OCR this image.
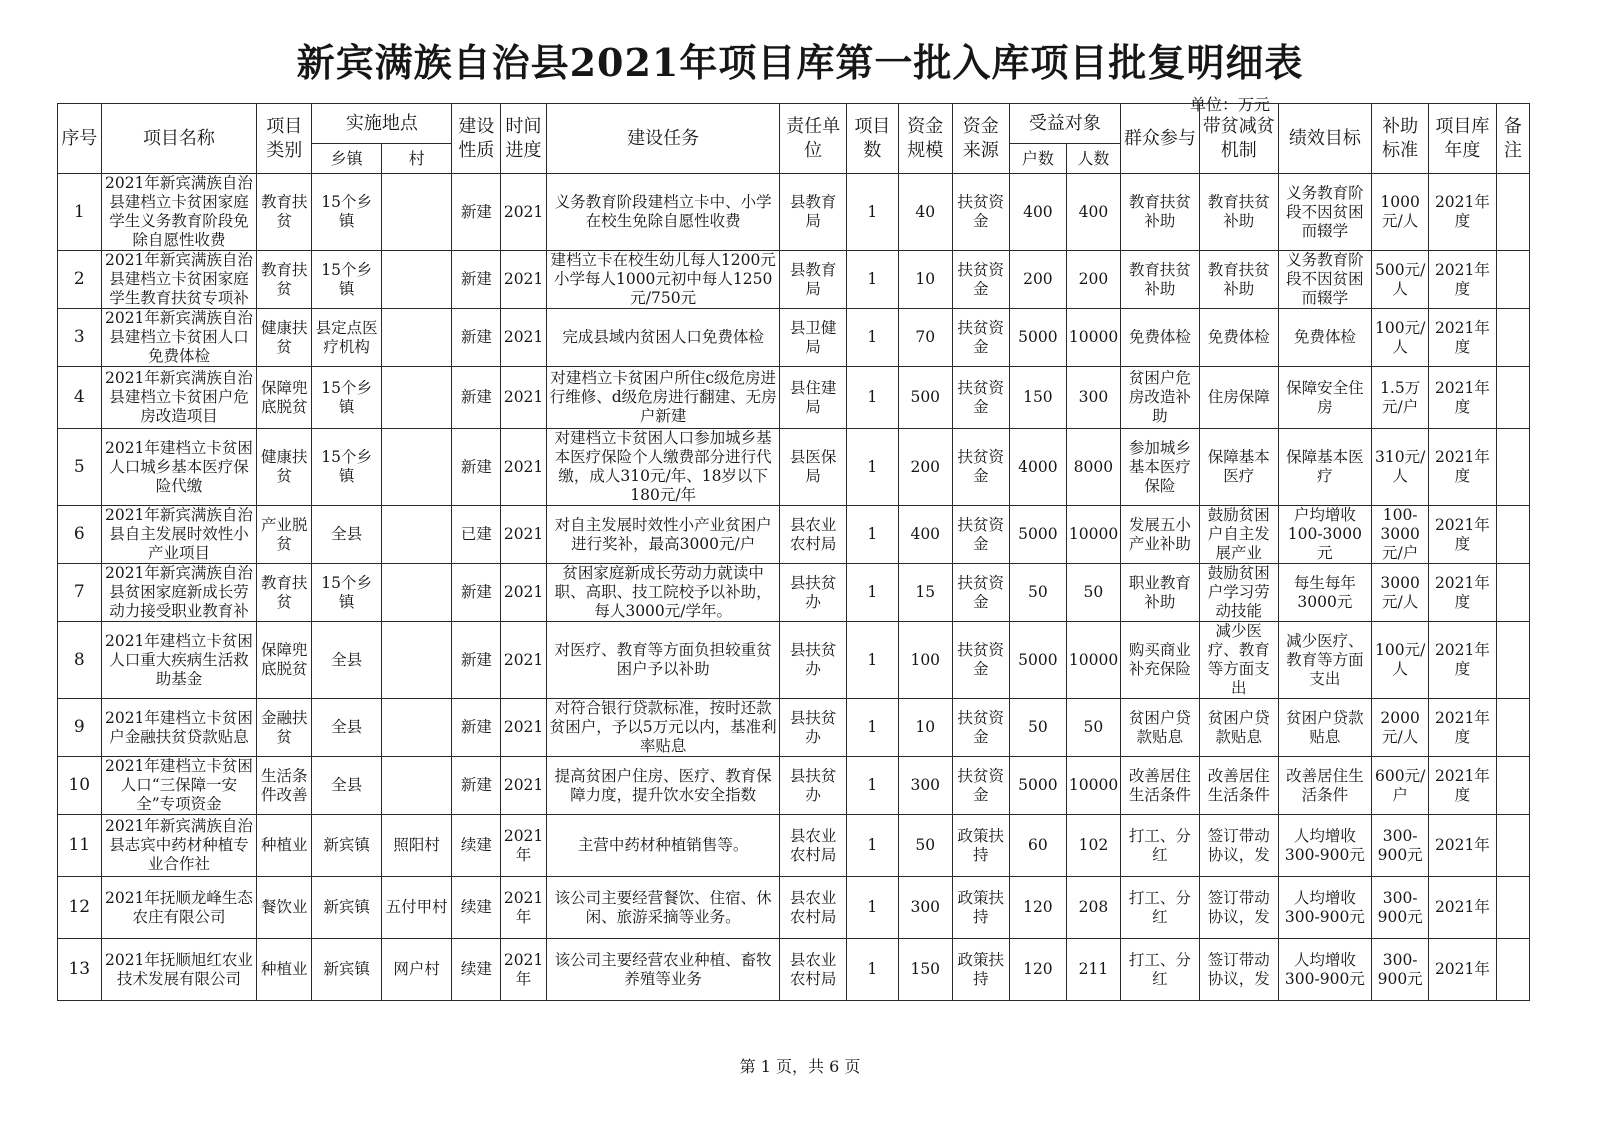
新宾满族自治县2021年项目库第一批入库项目批复明细表
单位：万元
序号	项目名称	项目类别	实施地点		建设性质	时间进度	建设任务	责任单位	项目数	资金规模	资金来源	受益对象		群众参与	带贫减贫机制	绩效目标	补助标准	项目库年度	备注
			乡镇	村								户数	人数						

1	2021年新宾满族自治县建档立卡贫困家庭学生义务教育阶段免除自愿性收费	教育扶贫	15个乡镇		新建	2021	义务教育阶段建档立卡中、小学在校生免除自愿性收费	县教育局	1	40	扶贫资金	400	400	教育扶贫补助	教育扶贫补助	义务教育阶段不因贫困而辍学	1000元/人	2021年度	

2	2021年新宾满族自治县建档立卡贫困家庭学生教育扶贫专项补	教育扶贫	15个乡镇		新建	2021	建档立卡在校生幼儿每人1200元小学每人1000元初中每人1250元/750元	县教育局	1	10	扶贫资金	200	200	教育扶贫补助	教育扶贫补助	义务教育阶段不因贫困而辍学	500元/人	2021年度	

3	2021年新宾满族自治县建档立卡贫困人口免费体检	健康扶贫	县定点医疗机构		新建	2021	完成县域内贫困人口免费体检	县卫健局	1	70	扶贫资金	5000	10000	免费体检	免费体检	免费体检	100元/人	2021年度	

4	2021年新宾满族自治县建档立卡贫困户危房改造项目	保障兜底脱贫	15个乡镇		新建	2021	对建档立卡贫困户所住c级危房进行维修、d级危房进行翻建、无房户新建	县住建局	1	500	扶贫资金	150	300	贫困户危房改造补助	住房保障	保障安全住房	1.5万元/户	2021年度	

5	2021年建档立卡贫困人口城乡基本医疗保险代缴	健康扶贫	15个乡镇		新建	2021	对建档立卡贫困人口参加城乡基本医疗保险个人缴费部分进行代缴，成人310元/年、18岁以下180元/年	县医保局	1	200	扶贫资金	4000	8000	参加城乡基本医疗保险	保障基本医疗	保障基本医疗	310元/人	2021年度	

6	2021年新宾满族自治县自主发展时效性小产业项目	产业脱贫	全县		已建	2021	对自主发展时效性小产业贫困户进行奖补，最高3000元/户	县农业农村局	1	400	扶贫资金	5000	10000	发展五小产业补助	鼓励贫困户自主发展产业	户均增收100-3000元	100-3000元/户	2021年度	

7	2021年新宾满族自治县贫困家庭新成长劳动力接受职业教育补	教育扶贫	15个乡镇		新建	2021	贫困家庭新成长劳动力就读中职、高职、技工院校予以补助，每人3000元/学年。	县扶贫办	1	15	扶贫资金	50	50	职业教育补助	鼓励贫困户学习劳动技能	每生每年3000元	3000元/人	2021年度	

8	2021年建档立卡贫困人口重大疾病生活救助基金	保障兜底脱贫	全县		新建	2021	对医疗、教育等方面负担较重贫困户予以补助	县扶贫办	1	100	扶贫资金	5000	10000	购买商业补充保险	减少医疗、教育等方面支出	减少医疗、教育等方面支出	100元/人	2021年度	

9	2021年建档立卡贫困户金融扶贫贷款贴息	金融扶贫	全县		新建	2021	对符合银行贷款标准，按时还款贫困户，予以5万元以内，基准利率贴息	县扶贫办	1	10	扶贫资金	50	50	贫困户贷款贴息	贫困户贷款贴息	贫困户贷款贴息	2000元/人	2021年度	

10	2021年建档立卡贫困人口“三保障一安全”专项资金	生活条件改善	全县		新建	2021	提高贫困户住房、医疗、教育保障力度，提升饮水安全指数	县扶贫办	1	300	扶贫资金	5000	10000	改善居住生活条件	改善居住生活条件	改善居住生活条件	600元/户	2021年度	

11	2021年新宾满族自治县志宾中药材种植专业合作社	种植业	新宾镇	照阳村	续建	2021年	主营中药材种植销售等。	县农业农村局	1	50	政策扶持	60	102	打工、分红	签订带动协议，发	人均增收300-900元	300-900元	2021年	

12	2021年抚顺龙峰生态农庄有限公司	餐饮业	新宾镇	五付甲村	续建	2021年	该公司主要经营餐饮、住宿、休闲、旅游采摘等业务。	县农业农村局	1	300	政策扶持	120	208	打工、分红	签订带动协议，发	人均增收300-900元	300-900元	2021年	

13	2021年抚顺旭红农业技术发展有限公司	种植业	新宾镇	网户村	续建	2021年	该公司主要经营农业种植、畜牧养殖等业务	县农业农村局	1	150	政策扶持	120	211	打工、分红	签订带动协议，发	人均增收300-900元	300-900元	2021年	

第 1 页，共 6 页
